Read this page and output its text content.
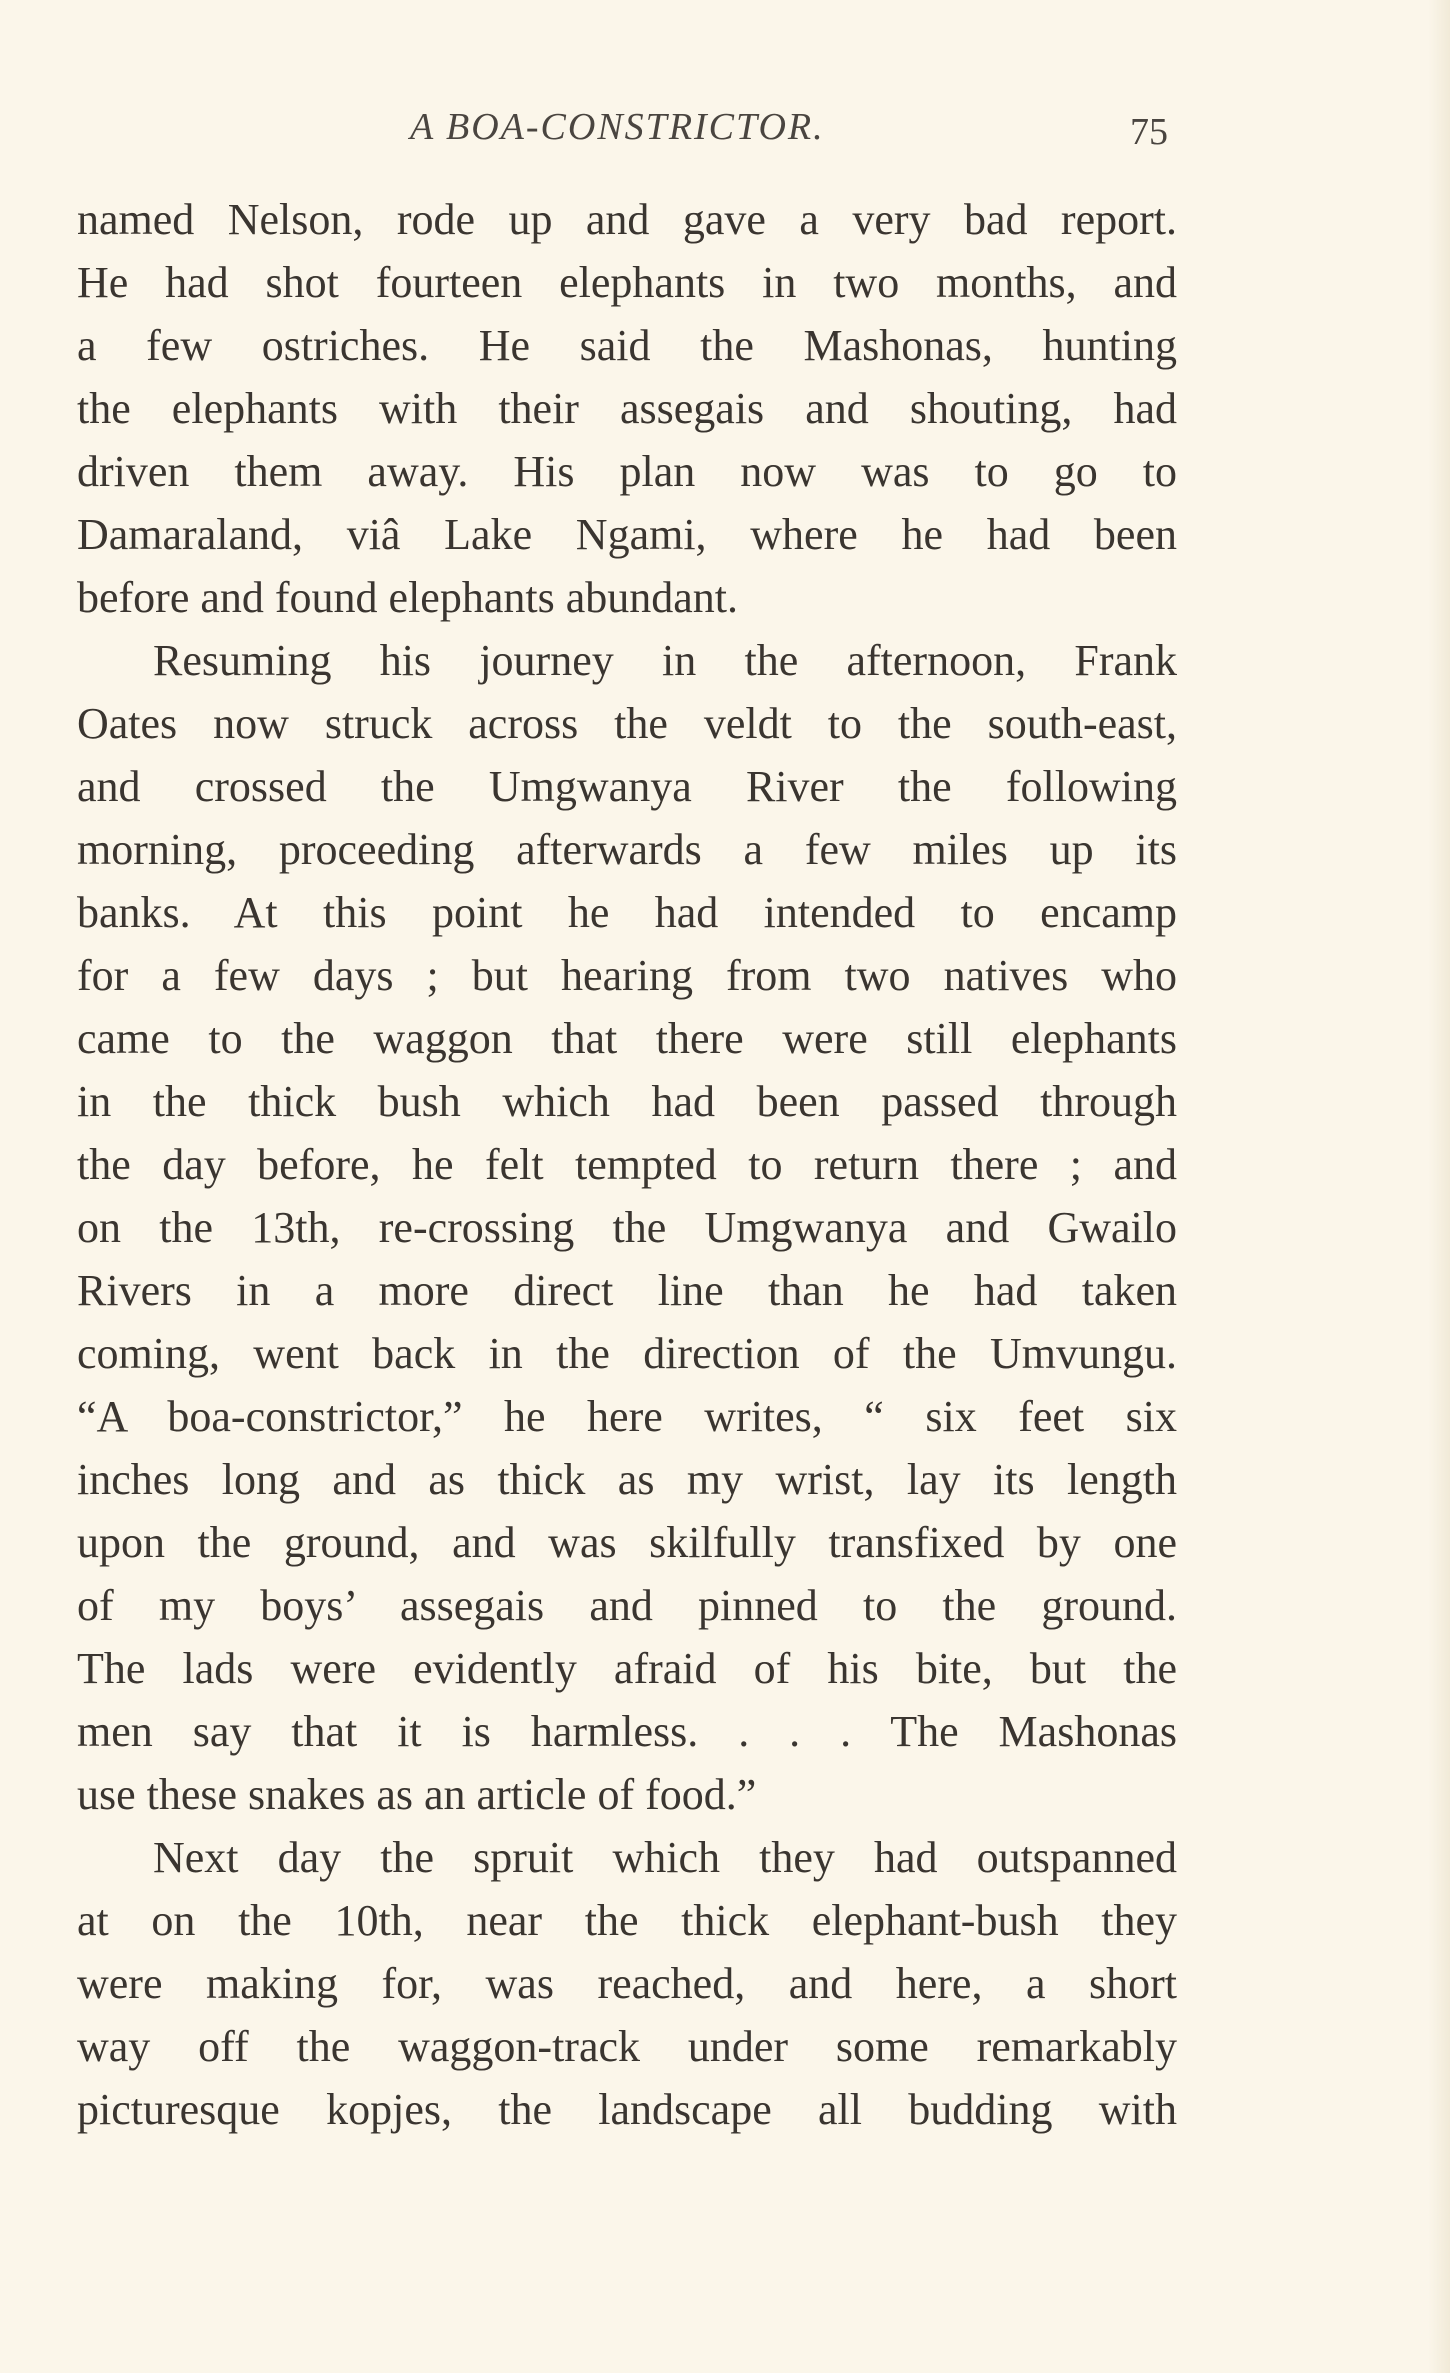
A BOA-CONSTRICTOR.	75
named Nelson, rode up and gave a very bad report.
He had shot fourteen elephants in two months, and
a few ostriches. He said the Mashonas, hunting
the elephants with their assegais and shouting, had
driven them away. His plan now was to go to
Damaraland, viâ Lake Ngami, where he had been
before and found elephants abundant.
Resuming his journey in the afternoon, Frank
Oates now struck across the veldt to the south-east,
and crossed the Umgwanya River the following
morning, proceeding afterwards a few miles up its
banks. At this point he had intended to encamp
for a few days ; but hearing from two natives who
came to the waggon that there were still elephants
in the thick bush which had been passed through
the day before, he felt tempted to return there ; and
on the 13th, re-crossing the Umgwanya and Gwailo
Rivers in a more direct line than he had taken
coming, went back in the direction of the Umvungu.
“A boa-constrictor,” he here writes, “ six feet six
inches long and as thick as my wrist, lay its length
upon the ground, and was skilfully transfixed by one
of my boys’ assegais and pinned to the ground.
The lads were evidently afraid of his bite, but the
men say that it is harmless. . . . The Mashonas
use these snakes as an article of food.”
Next day the spruit which they had outspanned
at on the 10th, near the thick elephant-bush they
were making for, was reached, and here, a short
way off the waggon-track under some remarkably
picturesque kopjes, the landscape all budding with
